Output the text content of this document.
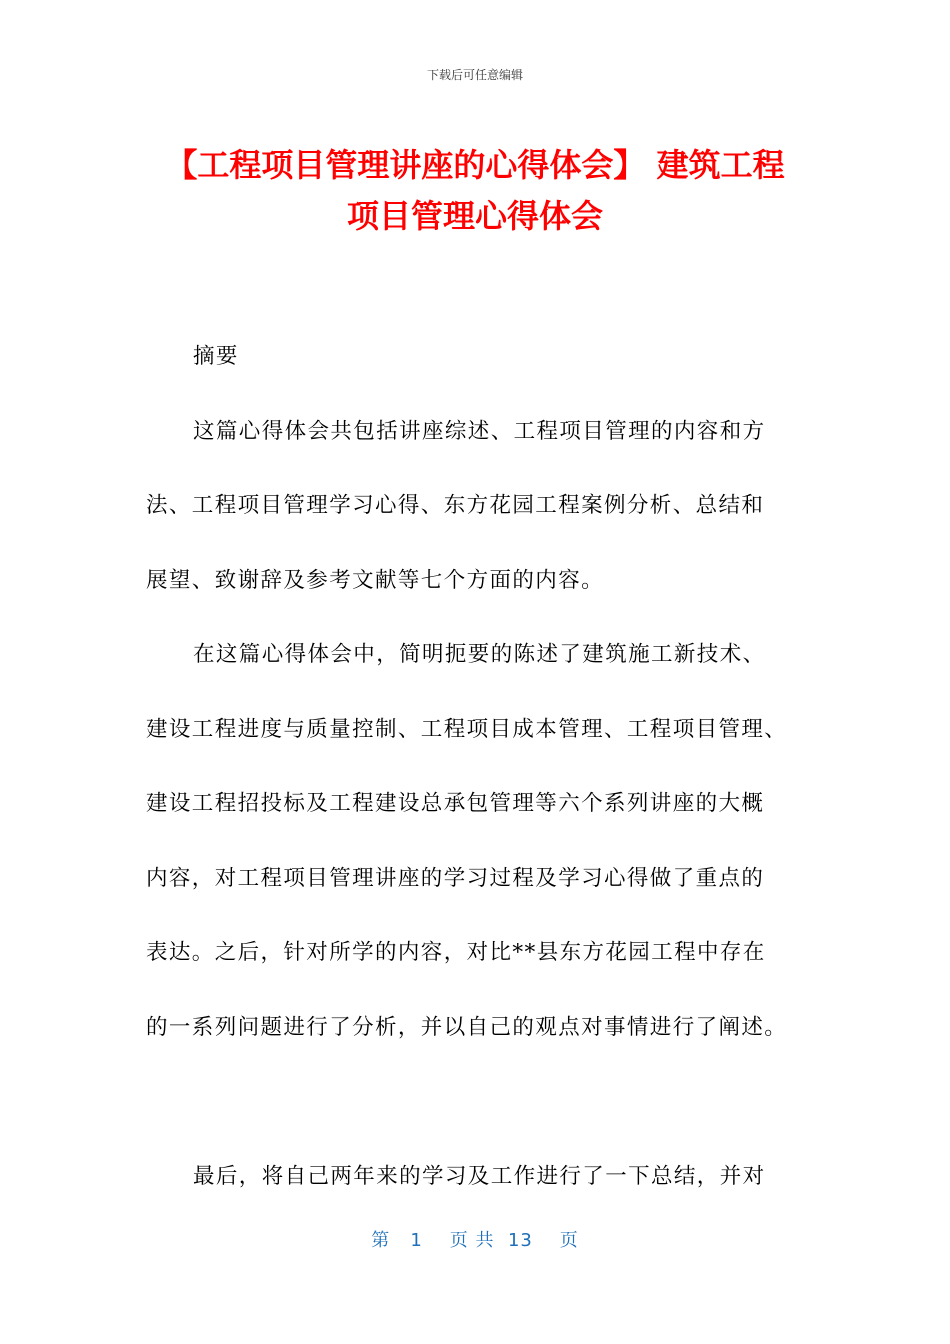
下载后可任意编辑
【工程项目管理讲座的心得体会】 建筑工程
项目管理心得体会
摘要
这篇心得体会共包括讲座综述、工程项目管理的内容和方
法、工程项目管理学习心得、东方花园工程案例分析、总结和
展望、致谢辞及参考文献等七个方面的内容。
在这篇心得体会中，简明扼要的陈述了建筑施工新技术、
建设工程进度与质量控制、工程项目成本管理、工程项目管理、
建设工程招投标及工程建设总承包管理等六个系列讲座的大概
内容，对工程项目管理讲座的学习过程及学习心得做了重点的
表达。之后，针对所学的内容，对比**县东方花园工程中存在
的一系列问题进行了分析，并以自己的观点对事情进行了阐述。
最后，将自己两年来的学习及工作进行了一下总结，并对
第 1 页 共 13 页
